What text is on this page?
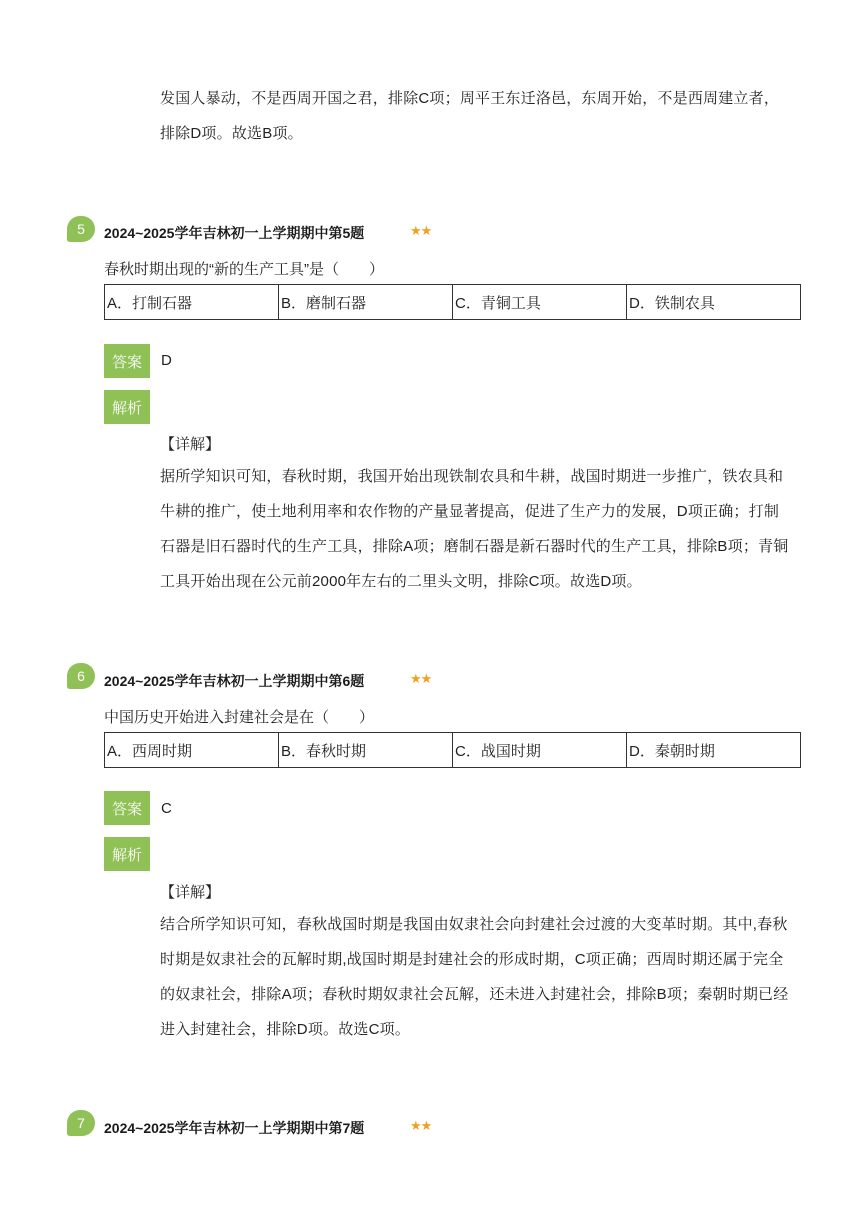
发国人暴动，不是西周开国之君，排除C项；周平王东迁洛邑，东周开始，不是西周建立者，排除D项。故选B项。
5	2024~2025学年吉林初一上学期期中第5题	★★
春秋时期出现的“新的生产工具”是（　　）
A．打制石器	B．磨制石器	C．青铜工具	D．铁制农具
答案	D
解析
【详解】
据所学知识可知，春秋时期，我国开始出现铁制农具和牛耕，战国时期进一步推广，铁农具和牛耕的推广，使土地利用率和农作物的产量显著提高，促进了生产力的发展，D项正确；打制石器是旧石器时代的生产工具，排除A项；磨制石器是新石器时代的生产工具，排除B项；青铜工具开始出现在公元前2000年左右的二里头文明，排除C项。故选D项。
6	2024~2025学年吉林初一上学期期中第6题	★★
中国历史开始进入封建社会是在（　　）
A．西周时期	B．春秋时期	C．战国时期	D．秦朝时期
答案	C
解析
【详解】
结合所学知识可知，春秋战国时期是我国由奴隶社会向封建社会过渡的大变革时期。其中,春秋时期是奴隶社会的瓦解时期,战国时期是封建社会的形成时期，C项正确；西周时期还属于完全的奴隶社会，排除A项；春秋时期奴隶社会瓦解，还未进入封建社会，排除B项；秦朝时期已经进入封建社会，排除D项。故选C项。
7	2024~2025学年吉林初一上学期期中第7题	★★
